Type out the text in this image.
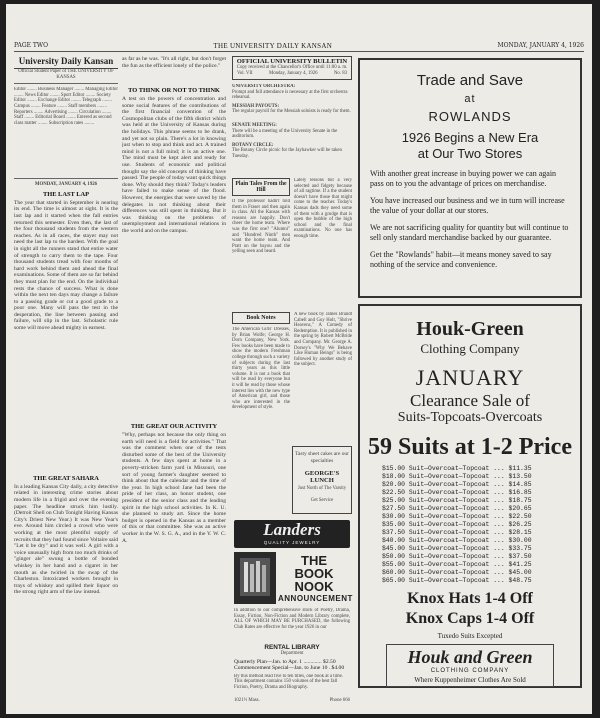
PAGE TWO	THE UNIVERSITY DAILY KANSAN	MONDAY, JANUARY 4, 1926
University Daily Kansan
Official Student Paper of THE UNIVERSITY OF KANSAS
Editor ........ Business Manager ........ Managing Editor ........ News Editor ........ Sport Editor ........ Society Editor ........ Exchange Editor ........ Telegraph ........ Campus ........ Feature ........ Staff members ........ Reporters ........ Advertising ........ Circulation ........ Staff ........ Editorial Board ........ Entered as second class matter ........ Subscription rates ........
MONDAY, JANUARY 4, 1926
THE LAST LAP
The year that started in September is nearing its end. The time is almost at sight. It is the last lap and it started when the fall entries returned this semester. Even then, the last of the four thousand students from the western reaches. As in all races, the stayer may not need the last lap to the hardest. With the goal in sight all the runners stand that entire water of strength to carry them to the tape. Four thousand students tread with four months of hard work behind them and ahead the final examinations. Some of them are so far behind they must plan for the end. On the individual rests the chance of success. What is done within the next ten days may change a failure to a passing grade or cut a good grade to a poor one. Many will pass the test in the desperation, the line between passing and failure, will slip in the last. Scholastic rule some will move ahead mighty in earnest.
THE GREAT SAHARA
In a leading Kansas City daily, a city detective related in interesting crime stories about modern life in a frigid and over the evening paper. The headline struck him lustily. (Detroit Shell on Club Tonight Having Kansas City's Driest New Year.) It was New Year's eve. Around him circled a crowd who were working at the most plentiful supply of recruits that they had found since Voltaire said "Let it be dry" and it was well. A girl with a voice unusually high from too much drinks of "ginger ale" swung a bottle of bonded whiskey in her hand and a cigaret in her mouth as she twirled in the swap of the Charleston. Intoxicated workers brought in trays of whiskey and spilled their liquor on the strong right arm of the law instead.
as far as he was. "It's all right, but don't forget the fun as the efficient lonely of the police."
TO THINK OR NOT TO THINK
A test on the powers of concentration and some social features of the contributions of the first financial convention of the Cosmopolitan clubs of the fifth district which was held at the University of Kansas during the holidays. This phrase seems to be drank, and yet not so plain. There's a lot in knowing just when to stop and think and act. A trained mind is not a full mind; it is an active one. The mind must be kept alert and ready for use. Students of economic and political thought say the old concepts of thinking have passed. The people of today want quick things done. Why should they think? Today's leaders have failed to make sense of the flood. However, the energies that were saved by the delegates in not thinking about their differences was still spent in thinking. But it was thinking on the problems of unemployment and international relations in the world and on the campus.
THE GREAT OUR ACTIVITY
"Why, perhaps not because the only thing on earth will need is a field for activities." That was the comment when one of the tests disturbed some of the best of the University students. A few days spent at home in a poverty-stricken farm yard in Missouri, one sort of young farmer's daughter seemed to think about that the calendar and the time of the year. In high school Jane had been the pride of her class, an honor student, one president of the senior class and the leading spirit in the high school activities. In K. U. she planned to study art. Since the home budget is opened in the Kansas as a member of this or that committee. She was an active worker in the W. S. G. A., and in the Y. W. C. A.
OFFICIAL UNIVERSITY BULLETIN
Copy received at the Chancellor's Office until 11:00 a. m.
Vol. VII	Monday, January 4, 1926	No. 83
UNIVERSITY ORCHESTRA:
Prompt and full attendance is necessary at the first orchestra rehearsal.
MESSIAH PAYOUTS:
The regular payroll for the Messiah soloists is ready for them.
SENATE MEETING:
There will be a meeting of the University Senate in the auditorium.
BOTANY CIRCLE:
The Botany Circle picnic for the Jayhawker will be taken Tuesday.
Plain Tales From the Hill
If the professor hadn't told them in Fraser and then again in class. All the Kansas with reasons are happily. Don't cheer the home team. Where was the first one? "Alumni" and "Hundred Ninth" men want the home team. And Pratt on the bayou and the yelling seen and heard.
Lately lessons but a very selected and fidgety because of all ragtime. If a the student doesn't have those that might come to the teacher. Today's Kansas dads they need some of them with a grudge that is open the bubble of the high school and the final examinations. No one has enough time.
Book Notes
The American Girls' Dresses, by Brian Wolfe; George H. Dorn Company, New York. Few books have been made to show the modern Freshman college through such a variety of subjects during the last thirty years as this little volume. It is not a book that will be read by everyone but it will be read by those whose interest lies with the new type of American girl, and those who are interested in the development of style.
A new book by James Brandt Cabell and Guy Holt, "Shrive Heavens," A Comedy of Redemption. It is published in the spring by Robert McBride and Company. Mr. George A. Dorsey's "Why We Behave Like Human Beings" is being followed by another study of the subject.
Tasty sheet cakes are our specialties
GEORGE'S LUNCH
Just North of The Varsity
Get Service
Landers
QUALITY JEWELRY
THE
BOOK
NOOK
ANNOUNCEMENT
In addition to our comprehensive stock of Poetry, Drama, Essay, Fiction, Non-Fiction and Modern Library complete, ALL OF WHICH MAY BE PURCHASED, the following Club Rates are effective for the year 1926 in our
RENTAL LIBRARY
Department
Quarterly Plan—Jan. to Apr. 1 ............. $2.50
Commencement Special—Jan. to June 10 . $4.00
By this method read five to ten titles, one book at a time. This department contains 150 volumes of the best fall Fiction, Poetry, Drama and Biography.
1021½ Mass.	Phone 666
Trade and Save
at
ROWLANDS
1926 Begins a New Era
at Our Two Stores
With another great increase in buying power we can again pass on to you the advantage of prices on merchandise.
You have increased our business and we in turn will increase the value of your dollar at our stores.
We are not sacrificing quality for quantity but will continue to sell only standard merchandise backed by our guarantee.
Get the "Rowlands" habit—it means money saved to say nothing of the service and convenience.
Houk-Green
Clothing Company
JANUARY
Clearance Sale of
Suits-Topcoats-Overcoats
59 Suits at 1-2 Price
$15.00 Suit—Overcoat—Topcoat ... $11.35
$18.00 Suit—Overcoat—Topcoat ... $13.50
$20.00 Suit—Overcoat—Topcoat ... $14.85
$22.50 Suit—Overcoat—Topcoat ... $16.85
$25.00 Suit—Overcoat—Topcoat ... $18.75
$27.50 Suit—Overcoat—Topcoat ... $20.65
$30.00 Suit—Overcoat—Topcoat ... $22.50
$35.00 Suit—Overcoat—Topcoat ... $26.25
$37.50 Suit—Overcoat—Topcoat ... $28.15
$40.00 Suit—Overcoat—Topcoat ... $30.00
$45.00 Suit—Overcoat—Topcoat ... $33.75
$50.00 Suit—Overcoat—Topcoat ... $37.50
$55.00 Suit—Overcoat—Topcoat ... $41.25
$60.00 Suit—Overcoat—Topcoat ... $45.00
$65.00 Suit—Overcoat—Topcoat ... $48.75
Knox Hats 1-4 Off
Knox Caps 1-4 Off
Tuxedo Suits Excepted
Houk and Green
CLOTHING COMPANY
Where Kuppenheimer Clothes Are Sold
